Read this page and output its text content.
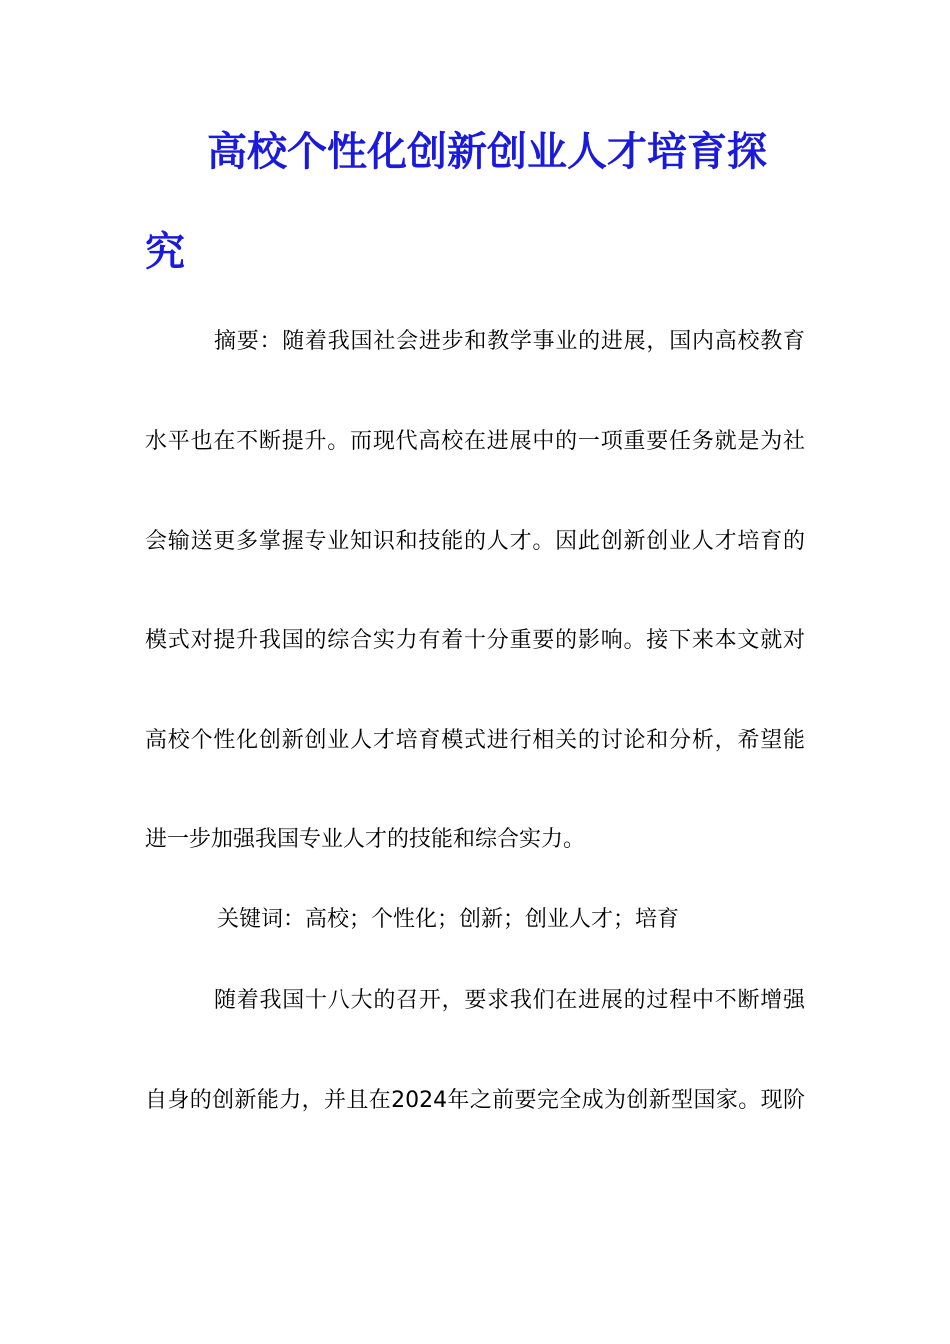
高校个性化创新创业人才培育探
究
摘要：随着我国社会进步和教学事业的进展，国内高校教育
水平也在不断提升。而现代高校在进展中的一项重要任务就是为社
会输送更多掌握专业知识和技能的人才。因此创新创业人才培育的
模式对提升我国的综合实力有着十分重要的影响。接下来本文就对
高校个性化创新创业人才培育模式进行相关的讨论和分析，希望能
进一步加强我国专业人才的技能和综合实力。
关键词：高校；个性化；创新；创业人才；培育
随着我国十八大的召开，要求我们在进展的过程中不断增强
自身的创新能力，并且在2024年之前要完全成为创新型国家。现阶
